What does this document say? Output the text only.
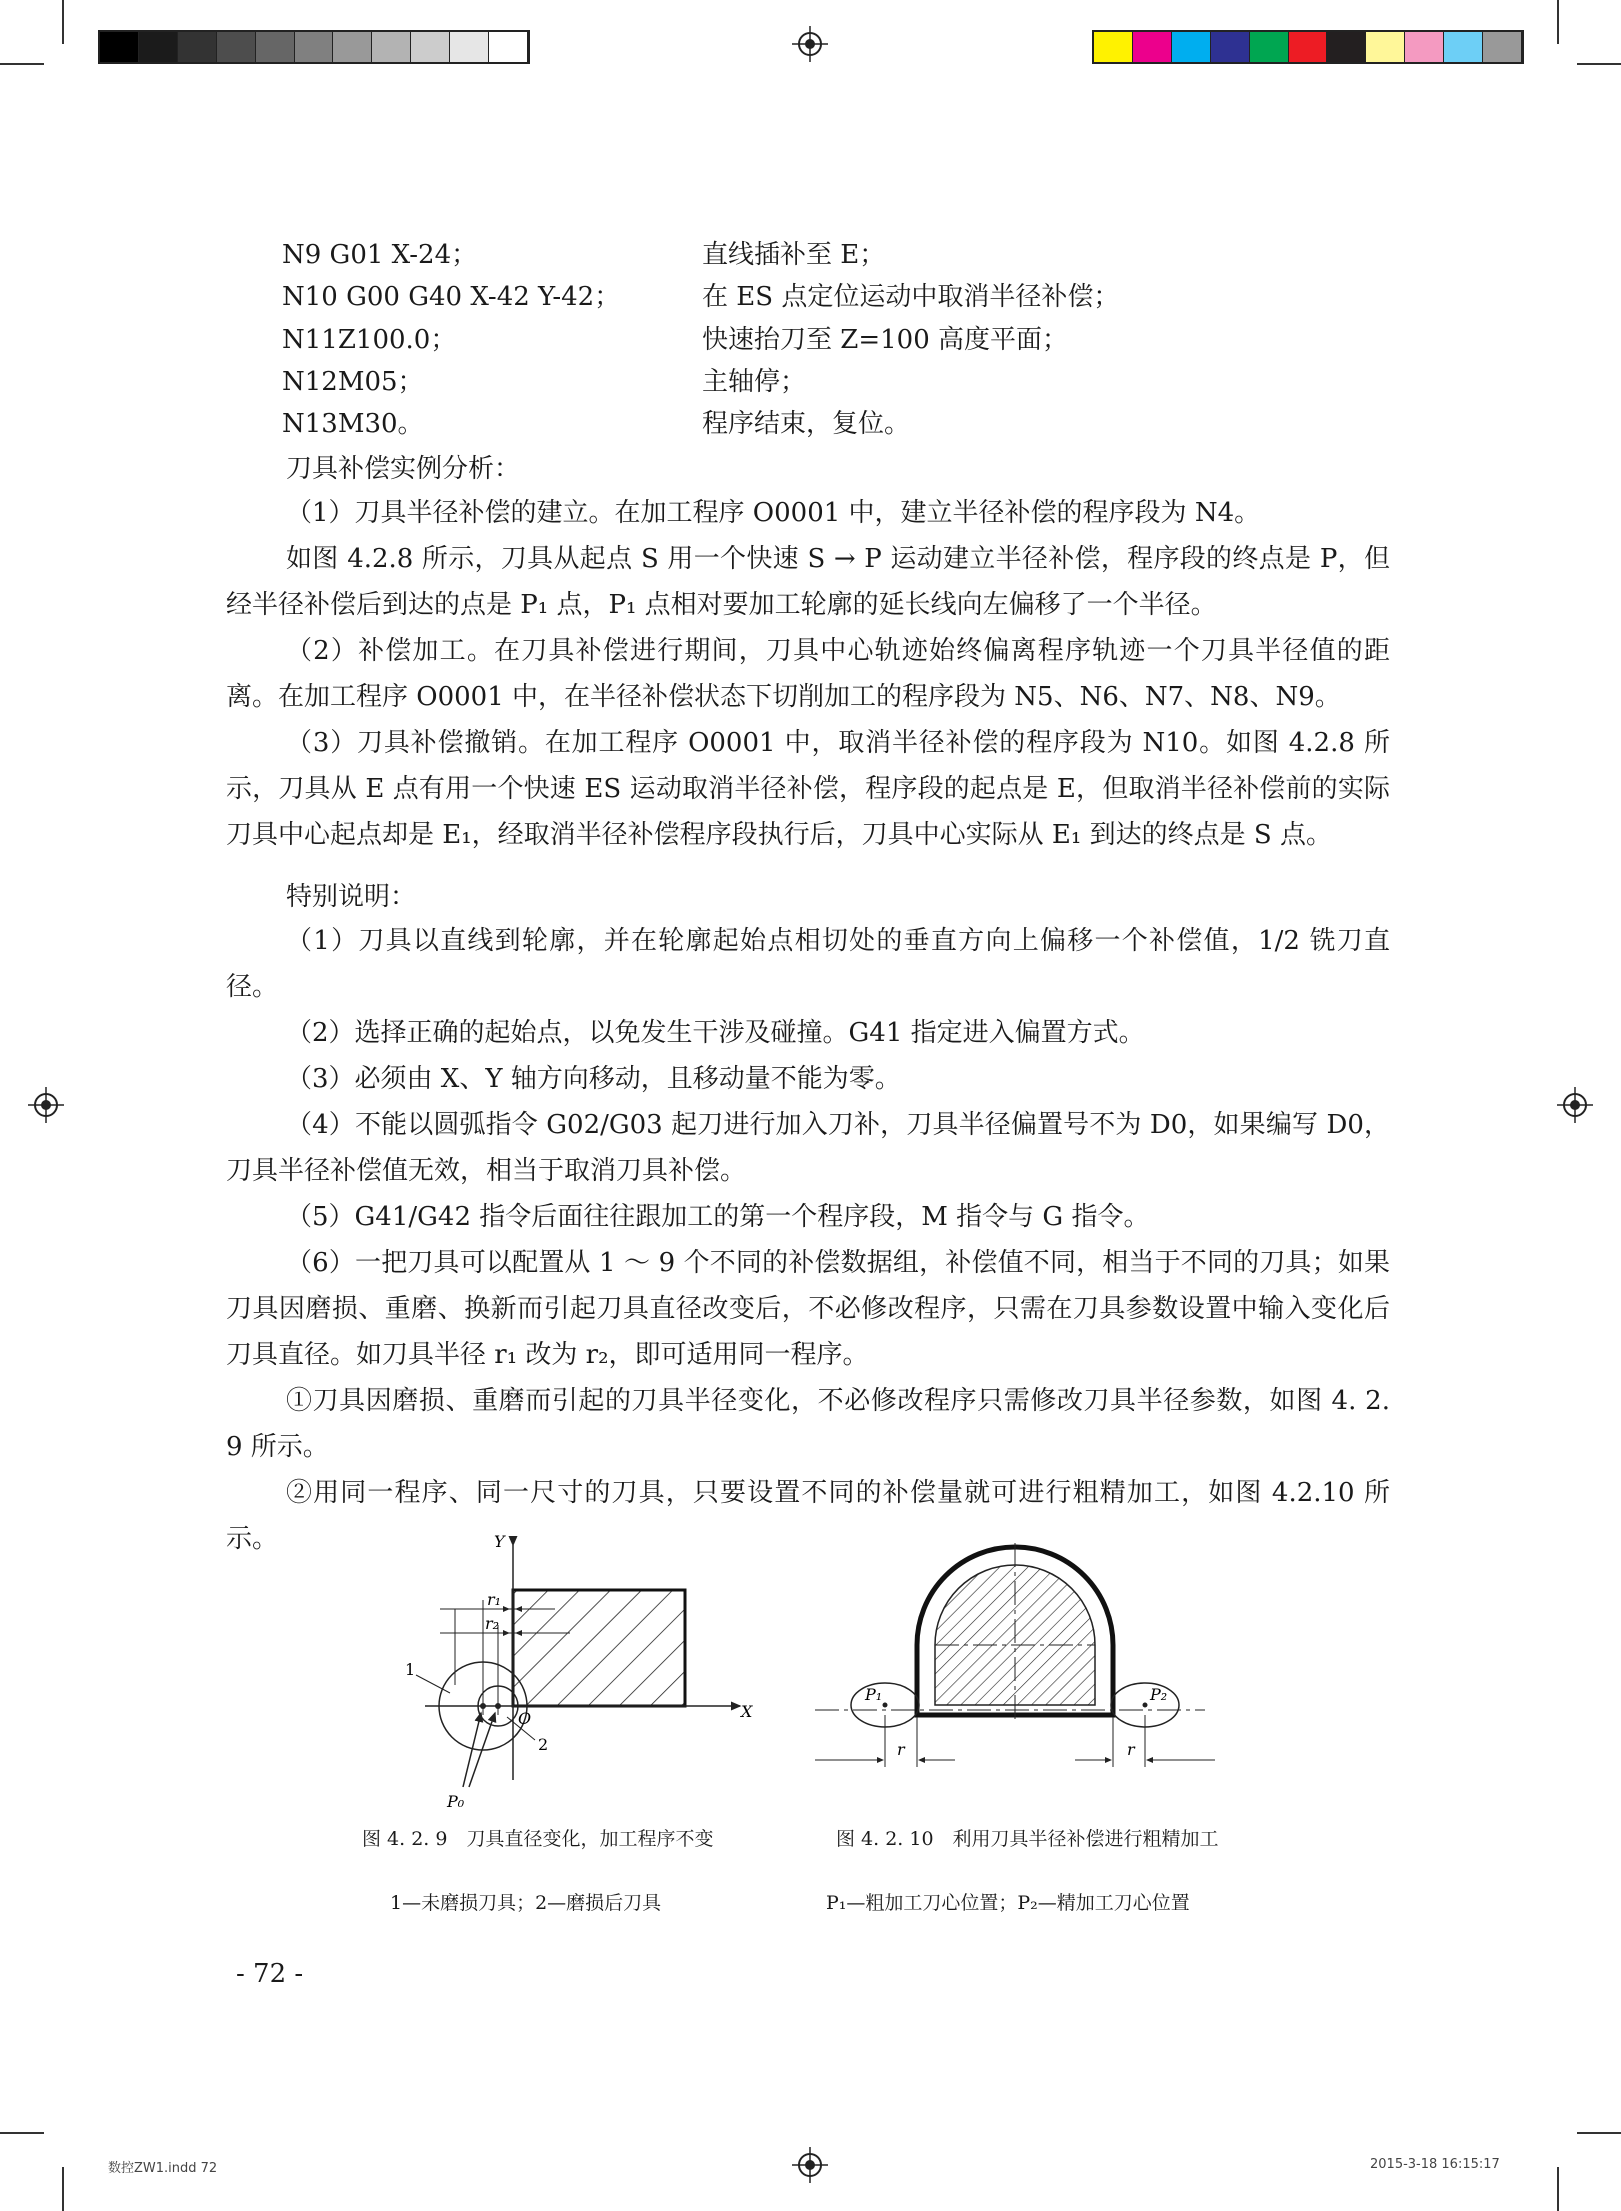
N9 G01 X-24；	直线插补至 E；
N10 G00 G40 X-42 Y-42；	在 ES 点定位运动中取消半径补偿；
N11Z100.0；	快速抬刀至 Z=100 高度平面；
N12M05；	主轴停；
N13M30。	程序结束，复位。
刀具补偿实例分析：
（1）刀具半径补偿的建立。在加工程序 O0001 中，建立半径补偿的程序段为 N4。
如图 4.2.8 所示，刀具从起点 S 用一个快速 S → P 运动建立半径补偿，程序段的终点是 P，但经半径补偿后到达的点是 P₁ 点，P₁ 点相对要加工轮廓的延长线向左偏移了一个半径。
（2）补偿加工。在刀具补偿进行期间，刀具中心轨迹始终偏离程序轨迹一个刀具半径值的距离。在加工程序 O0001 中，在半径补偿状态下切削加工的程序段为 N5、N6、N7、N8、N9。
（3）刀具补偿撤销。在加工程序 O0001 中，取消半径补偿的程序段为 N10。如图 4.2.8 所示，刀具从 E 点有用一个快速 ES 运动取消半径补偿，程序段的起点是 E，但取消半径补偿前的实际刀具中心起点却是 E₁，经取消半径补偿程序段执行后，刀具中心实际从 E₁ 到达的终点是 S 点。
特别说明：
（1）刀具以直线到轮廓，并在轮廓起始点相切处的垂直方向上偏移一个补偿值，1/2 铣刀直径。
（2）选择正确的起始点，以免发生干涉及碰撞。G41 指定进入偏置方式。
（3）必须由 X、Y 轴方向移动，且移动量不能为零。
（4）不能以圆弧指令 G02/G03 起刀进行加入刀补，刀具半径偏置号不为 D0，如果编写 D0，刀具半径补偿值无效，相当于取消刀具补偿。
（5）G41/G42 指令后面往往跟加工的第一个程序段，M 指令与 G 指令。
（6）一把刀具可以配置从 1 ～ 9 个不同的补偿数据组，补偿值不同，相当于不同的刀具；如果刀具因磨损、重磨、换新而引起刀具直径改变后，不必修改程序，只需在刀具参数设置中输入变化后刀具直径。如刀具半径 r₁ 改为 r₂，即可适用同一程序。
①刀具因磨损、重磨而引起的刀具半径变化，不必修改程序只需修改刀具半径参数，如图 4. 2. 9 所示。
②用同一程序、同一尺寸的刀具，只要设置不同的补偿量就可进行粗精加工，如图 4.2.10 所示。	Y
X
O
r₁
r₂
1
2
P₀
图 4. 2. 9　刀具直径变化，加工程序不变
1—未磨损刀具；2—磨损后刀具
P₁	P₂
r	r
图 4. 2. 10　利用刀具半径补偿进行粗精加工
P₁—粗加工刀心位置；P₂—精加工刀心位置
- 72 -
数控ZW1.indd 72	2015-3-18 16:15:17
